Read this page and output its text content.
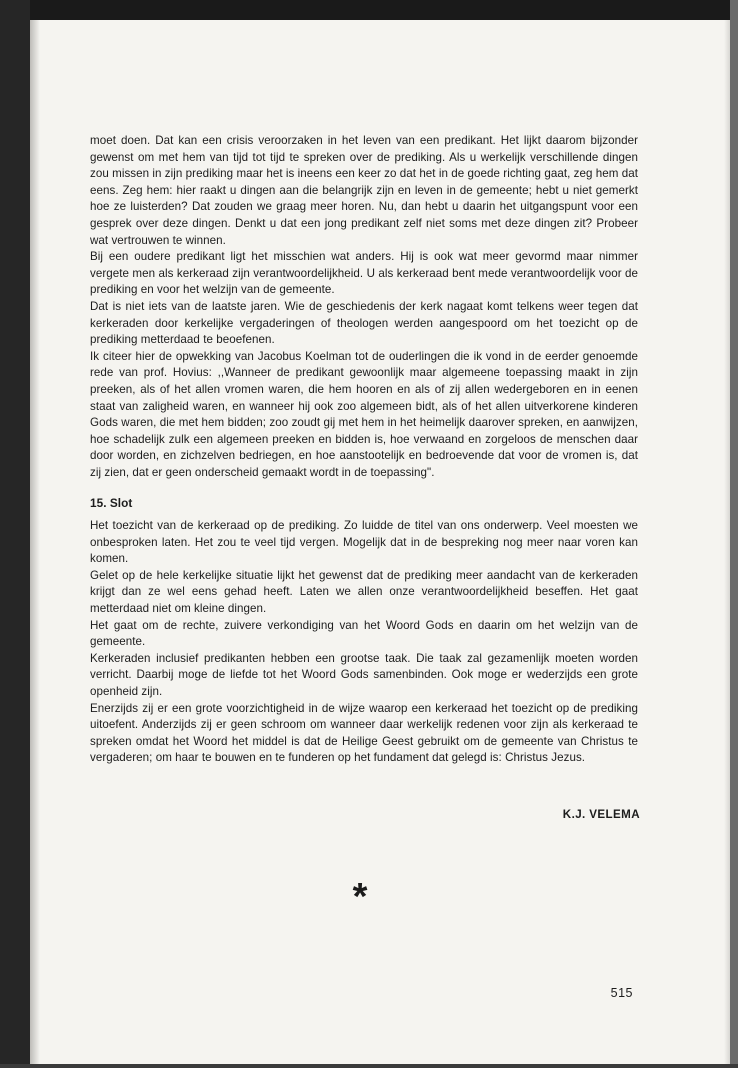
moet doen. Dat kan een crisis veroorzaken in het leven van een predikant. Het lijkt daarom bijzonder gewenst om met hem van tijd tot tijd te spreken over de prediking. Als u werkelijk verschillende dingen zou missen in zijn prediking maar het is ineens een keer zo dat het in de goede richting gaat, zeg hem dat eens. Zeg hem: hier raakt u dingen aan die belangrijk zijn en leven in de gemeente; hebt u niet gemerkt hoe ze luisterden? Dat zouden we graag meer horen. Nu, dan hebt u daarin het uitgangspunt voor een gesprek over deze dingen. Denkt u dat een jong predikant zelf niet soms met deze dingen zit? Probeer wat vertrouwen te winnen.

Bij een oudere predikant ligt het misschien wat anders. Hij is ook wat meer gevormd maar nimmer vergete men als kerkeraad zijn verantwoordelijkheid. U als kerkeraad bent mede verantwoordelijk voor de prediking en voor het welzijn van de gemeente.

Dat is niet iets van de laatste jaren. Wie de geschiedenis der kerk nagaat komt telkens weer tegen dat kerkeraden door kerkelijke vergaderingen of theologen werden aangespoord om het toezicht op de prediking metterdaad te beoefenen.

Ik citeer hier de opwekking van Jacobus Koelman tot de ouderlingen die ik vond in de eerder genoemde rede van prof. Hovius: ,,Wanneer de predikant gewoonlijk maar algemeene toepassing maakt in zijn preeken, als of het allen vromen waren, die hem hooren en als of zij allen wedergeboren en in eenen staat van zaligheid waren, en wanneer hij ook zoo algemeen bidt, als of het allen uitverkorene kinderen Gods waren, die met hem bidden; zoo zoudt gij met hem in het heimelijk daarover spreken, en aanwijzen, hoe schadelijk zulk een algemeen preeken en bidden is, hoe verwaand en zorgeloos de menschen daar door worden, en zichzelven bedriegen, en hoe aanstootelijk en bedroevende dat voor de vromen is, dat zij zien, dat er geen onderscheid gemaakt wordt in de toepassing".

15. Slot

Het toezicht van de kerkeraad op de prediking. Zo luidde de titel van ons onderwerp. Veel moesten we onbesproken laten. Het zou te veel tijd vergen. Mogelijk dat in de bespreking nog meer naar voren kan komen.

Gelet op de hele kerkelijke situatie lijkt het gewenst dat de prediking meer aandacht van de kerkeraden krijgt dan ze wel eens gehad heeft. Laten we allen onze verantwoordelijkheid beseffen. Het gaat metterdaad niet om kleine dingen.

Het gaat om de rechte, zuivere verkondiging van het Woord Gods en daarin om het welzijn van de gemeente.

Kerkeraden inclusief predikanten hebben een grootse taak. Die taak zal gezamenlijk moeten worden verricht. Daarbij moge de liefde tot het Woord Gods samenbinden. Ook moge er wederzijds een grote openheid zijn.

Enerzijds zij er een grote voorzichtigheid in de wijze waarop een kerkeraad het toezicht op de prediking uitoefent. Anderzijds zij er geen schroom om wanneer daar werkelijk redenen voor zijn als kerkeraad te spreken omdat het Woord het middel is dat de Heilige Geest gebruikt om de gemeente van Christus te vergaderen; om haar te bouwen en te funderen op het fundament dat gelegd is: Christus Jezus.

K.J. VELEMA
*
515
